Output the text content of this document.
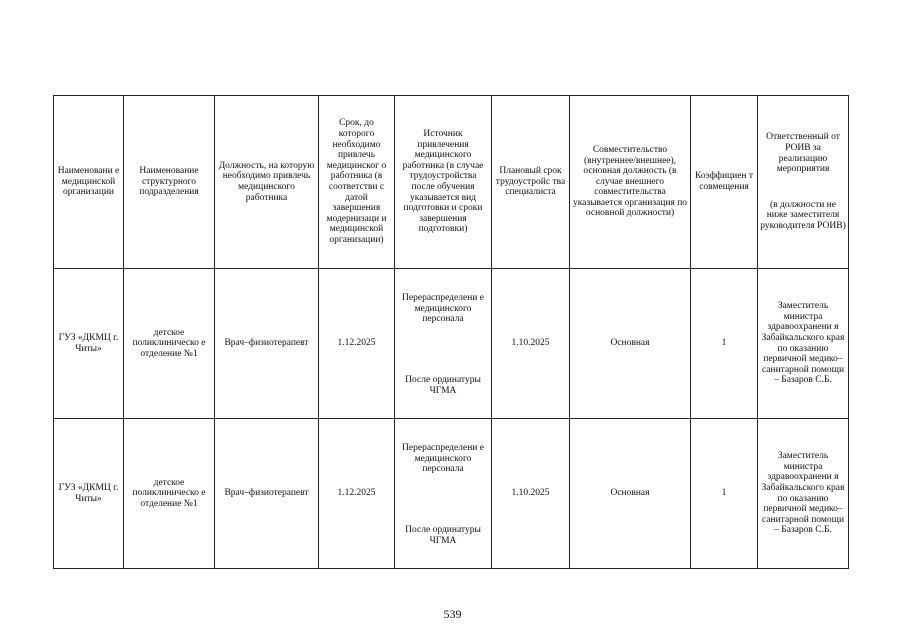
Наименовани е медицинской организации	Наименование структурного подразделения	Должность, на которую необходимо привлечь медицинского работника	Срок, до которого необходимо привлечь медицинског о работника (в соответстви с датой завершения модернизаци и медицинской организации)	Источник привлечения медицинского работника (в случае трудоустройства после обучения указывается вид подготовки и сроки завершения подготовки)	Плановый срок трудоустройс тва специалиста	Совместительство (внутреннее/внешнее), основная должность (в случае внешнего совместительства указывается организация по основной должности)	Коэффициен т совмещения	Ответственный от РОИВ за реализацию мероприятия
(в должности не ниже заместителя руководителя РОИВ)

ГУЗ «ДКМЦ г. Читы»	детское поликлиническо е отделение №1	Врач–физиотерапевт	1.12.2025	Перераспределени е медицинского персонала
После ординатуры ЧГМА	1.10.2025	Основная	1	Заместитель министра здравоохранени я Забайкальского края по оказанию первичной медико–санитарной помощи – Базаров С.Б.
ГУЗ «ДКМЦ г. Читы»	детское поликлиническо е отделение №1	Врач–физиотерапевт	1.12.2025	Перераспределени е медицинского персонала
После ординатуры ЧГМА	1.10.2025	Основная	1	Заместитель министра здравоохранени я Забайкальского края по оказанию первичной медико–санитарной помощи – Базаров С.Б.
539
